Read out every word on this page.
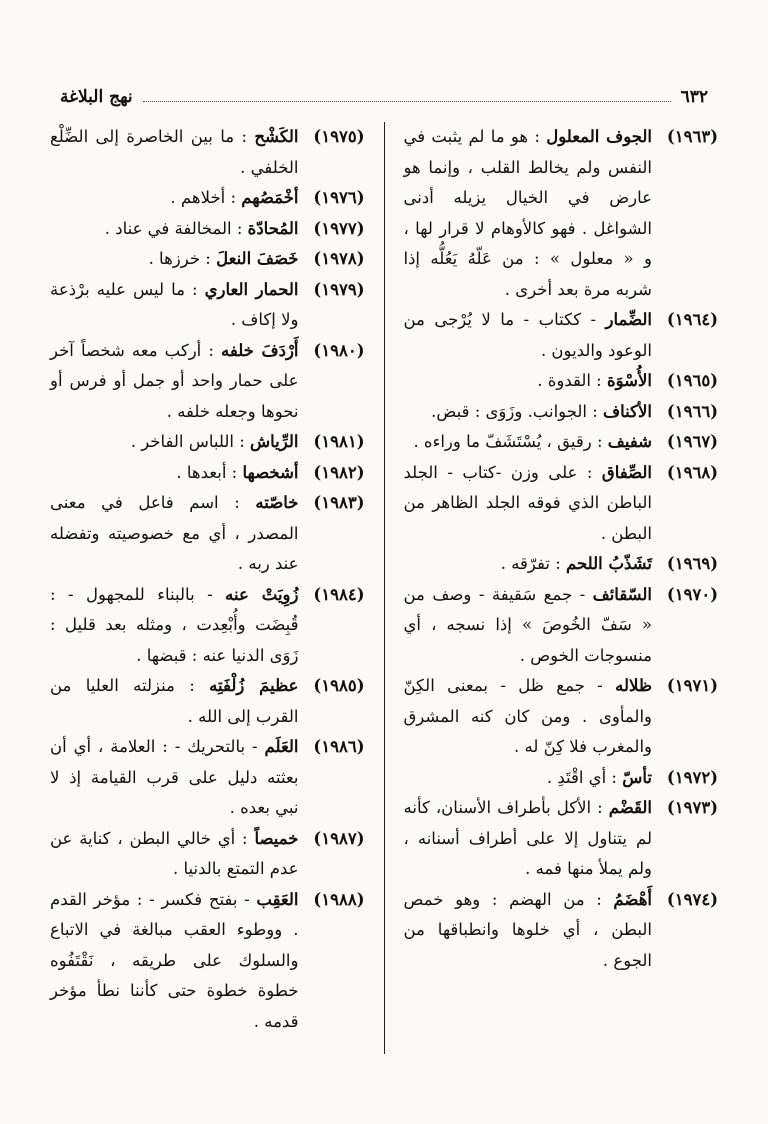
٦٣٢
نهج البلاغة
(١٩٦٣)
الجوف المعلول : هو ما لم يثبت في النفس ولم يخالط القلب ، وإنما هو عارض في الخيال يزيله أدنى الشواغل . فهو كالأوهام لا قرار لها ، و « معلول » : من عَلّهُ يَعُلُّه إذا شربه مرة بعد أخرى .
(١٩٦٤)
الضِّمار - ككتاب - ما لا يُرْجى من الوعود والديون .
(١٩٦٥)
الأُسْوَة : القدوة .
(١٩٦٦)
الأكناف : الجوانب. وزَوَى : قبض.
(١٩٦٧)
شفيف : رقيق ، يُسْتَشَفّ ما وراءه .
(١٩٦٨)
الصِّفاق : على وزن -كتاب - الجلد الباطن الذي فوقه الجلد الظاهر من البطن .
(١٩٦٩)
تَشَذّبُ اللحم : تفرّقه .
(١٩٧٠)
السّقائف - جمع سَقيفة - وصف من « سَفّ الخُوصَ » إذا نسجه ، أي منسوجات الخوص .
(١٩٧١)
ظلاله - جمع ظل - بمعنى الكِنّ والمأوى . ومن كان كنه المشرق والمغرب فلا كِنّ له .
(١٩٧٢)
تأسّ : أي اقْتَدِ .
(١٩٧٣)
القَضْم : الأكل بأطراف الأسنان، كأنه لم يتناول إلا على أطراف أسنانه ، ولم يملأ منها فمه .
(١٩٧٤)
أَهْضَمُ : من الهضم : وهو خمص البطن ، أي خلوها وانطباقها من الجوع .
(١٩٧٥)
الكَشْح : ما بين الخاصرة إلى الضِّلْع الخلفي .
(١٩٧٦)
أخْمَصُهم : أخلاهم .
(١٩٧٧)
المُحادّة : المخالفة في عناد .
(١٩٧٨)
خَصَفَ النعلَ : خرزها .
(١٩٧٩)
الحمار العاري : ما ليس عليه برْذعة ولا إكاف .
(١٩٨٠)
أَرْدَفَ خلفه : أركب معه شخصاً آخر على حمار واحد أو جمل أو فرس أو نحوها وجعله خلفه .
(١٩٨١)
الرِّياش : اللباس الفاخر .
(١٩٨٢)
أشخصها : أبعدها .
(١٩٨٣)
خاصّته : اسم فاعل في معنى المصدر ، أي مع خصوصيته وتفضله عند ربه .
(١٩٨٤)
زُوِيَتْ عنه - بالبناء للمجهول - : قُبِضَت وأُبْعِدت ، ومثله بعد قليل : زَوَى الدنيا عنه : قبضها .
(١٩٨٥)
عظيمَ زُلْفَتِه : منزلته العليا من القرب إلى الله .
(١٩٨٦)
العَلَم - بالتحريك - : العلامة ، أي أن بعثته دليل على قرب القيامة إذ لا نبي بعده .
(١٩٨٧)
خميصاً : أي خالي البطن ، كناية عن عدم التمتع بالدنيا .
(١٩٨٨)
العَقِب - بفتح فكسر - : مؤخر القدم . ووطوء العقب مبالغة في الاتباع والسلوك على طريقه ، نَقْتَفُوه خطوة خطوة حتى كأننا نطأ مؤخر قدمه .
